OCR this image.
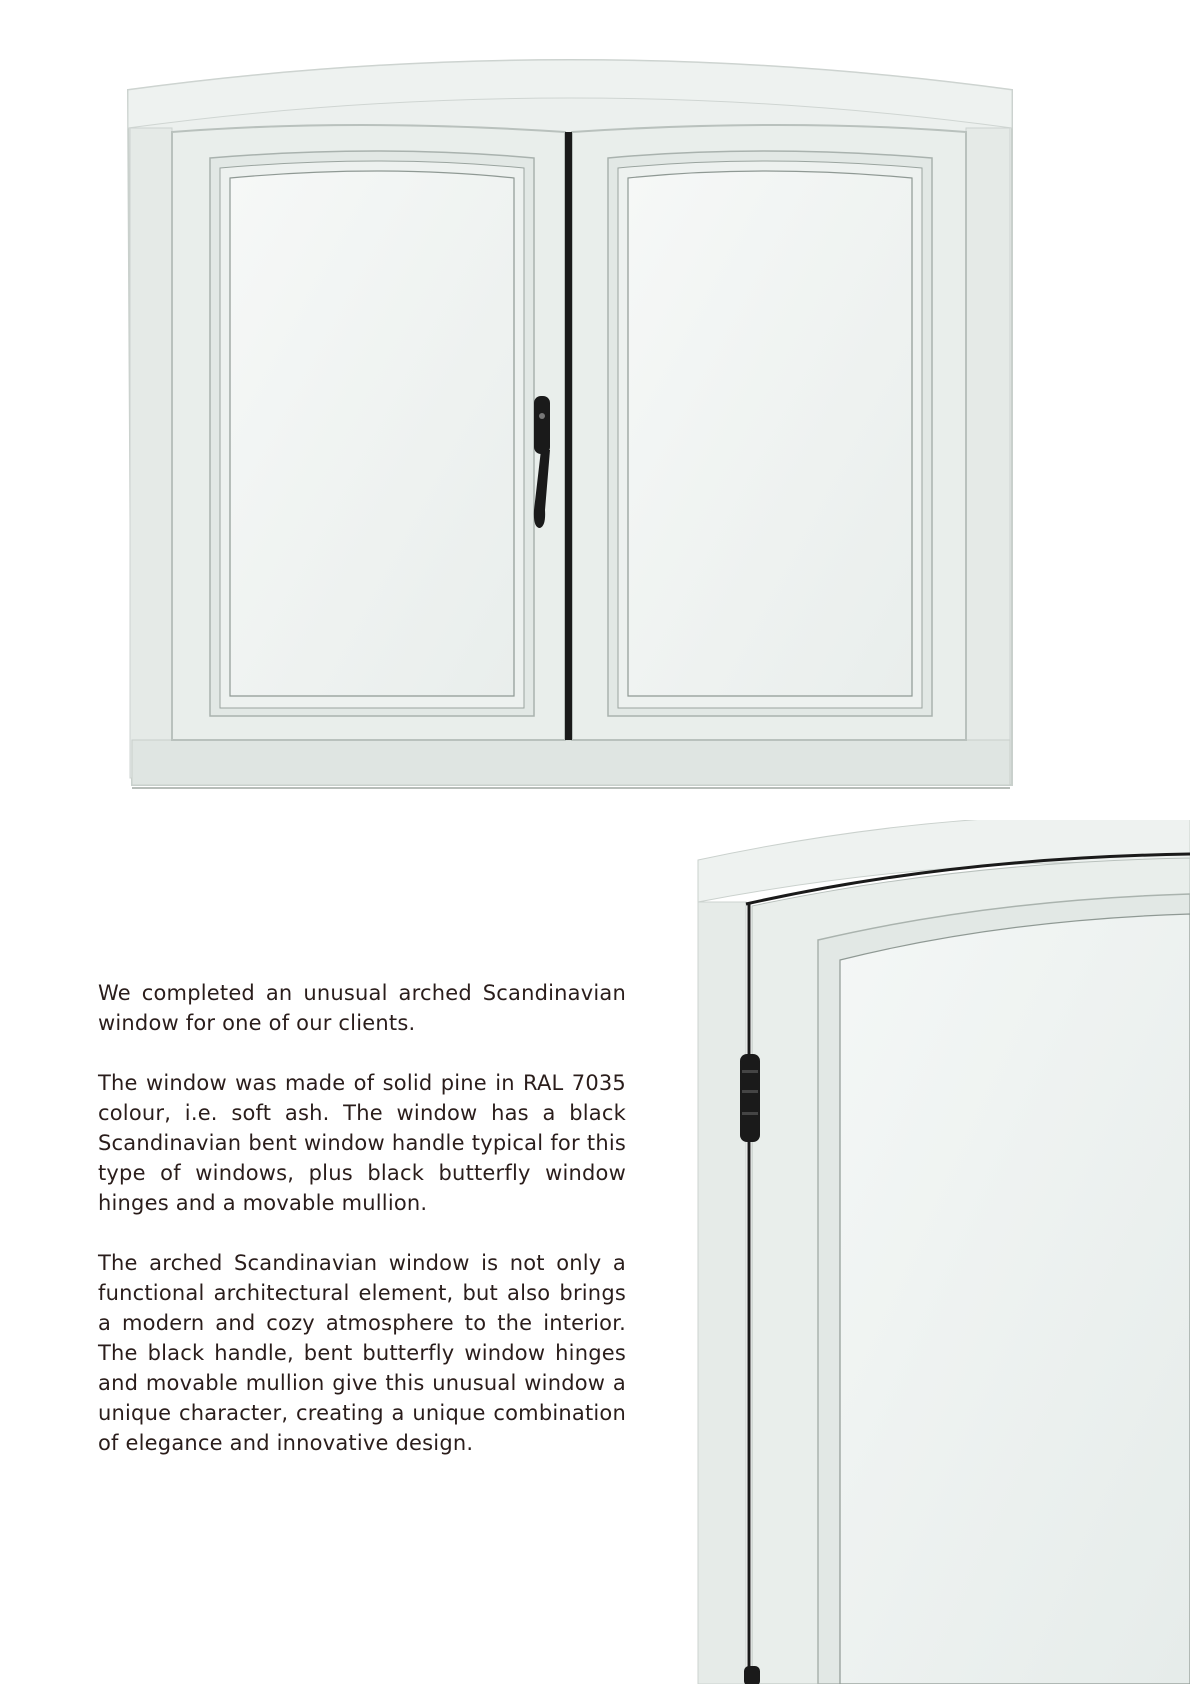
We completed an unusual arched Scandinavian window for one of our clients.

The window was made of solid pine in RAL 7035 colour, i.e. soft ash. The window has a black Scandinavian bent window handle typical for this type of windows, plus black butterfly window hinges and a movable mullion.

The arched Scandinavian window is not only a functional architectural element, but also brings a modern and cozy atmosphere to the interior. The black handle, bent butterfly window hinges and movable mullion give this unusual window a unique character, creating a unique combination of elegance and innovative design.
